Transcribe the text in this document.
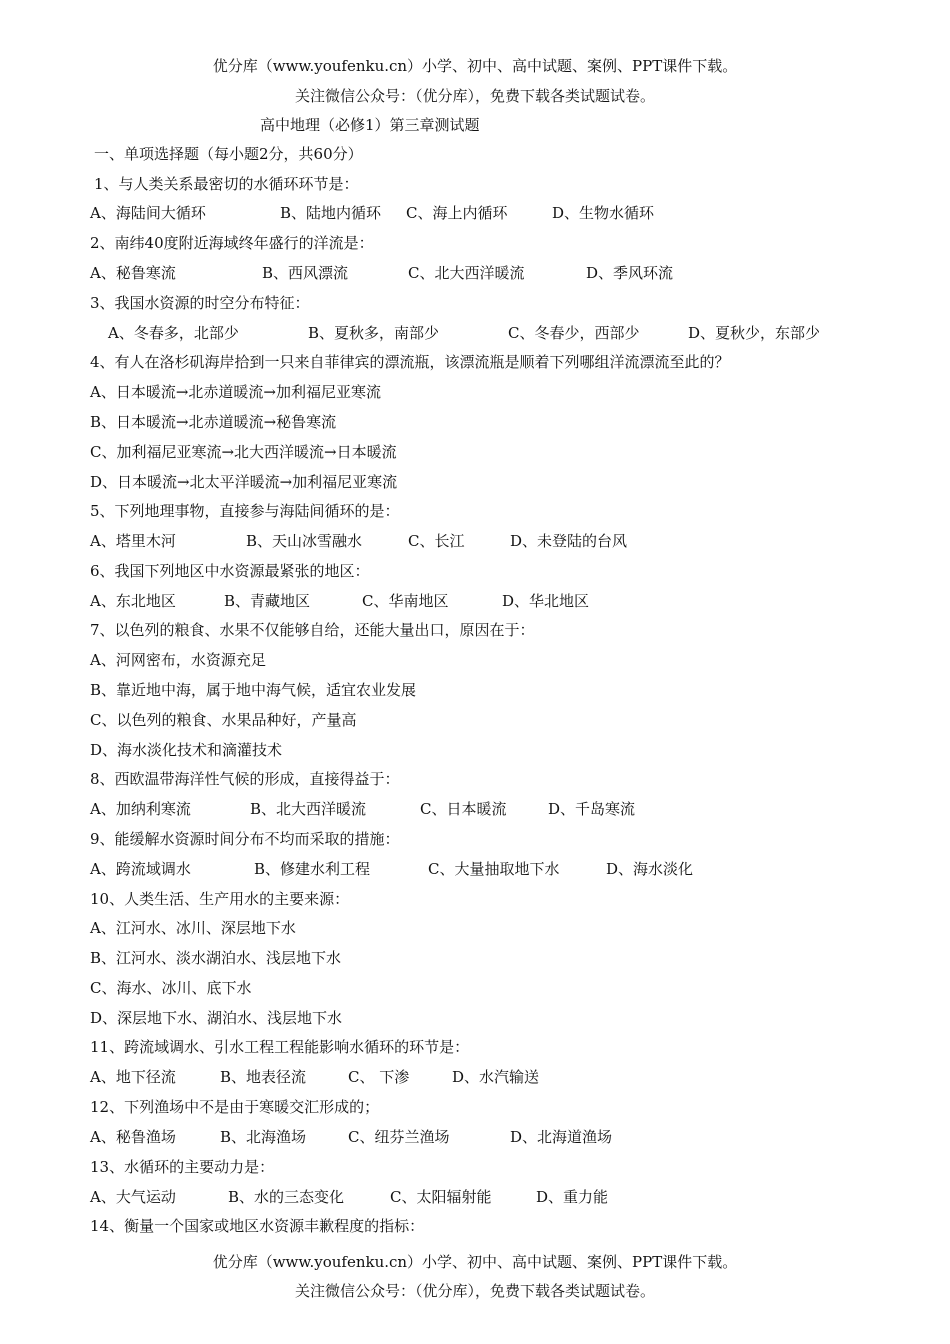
优分库（www.youfenku.cn）小学、初中、高中试题、案例、PPT课件下载。
关注微信公众号：（优分库），免费下载各类试题试卷。
高中地理（必修1）第三章测试题
一、单项选择题（每小题2分，共60分）
1、与人类关系最密切的水循环环节是：
A、海陆间大循环	B、陆地内循环 C、海上内循环	D、生物水循环
2、南纬40度附近海域终年盛行的洋流是：
A、秘鲁寒流	B、西风漂流	C、北大西洋暖流	D、季风环流
3、我国水资源的时空分布特征：
A、冬春多，北部少	B、夏秋多，南部少	C、冬春少，西部少	D、夏秋少，东部少
4、有人在洛杉矶海岸拾到一只来自菲律宾的漂流瓶，该漂流瓶是顺着下列哪组洋流漂流至此的？
A、日本暖流→北赤道暖流→加利福尼亚寒流
B、日本暖流→北赤道暖流→秘鲁寒流
C、加利福尼亚寒流→北大西洋暖流→日本暖流
D、日本暖流→北太平洋暖流→加利福尼亚寒流
5、下列地理事物，直接参与海陆间循环的是：
A、塔里木河	B、天山冰雪融水	C、长江	D、未登陆的台风
6、我国下列地区中水资源最紧张的地区：
A、东北地区	B、青藏地区	C、华南地区	D、华北地区
7、以色列的粮食、水果不仅能够自给，还能大量出口，原因在于：
A、河网密布，水资源充足
B、靠近地中海，属于地中海气候，适宜农业发展
C、以色列的粮食、水果品种好，产量高
D、海水淡化技术和滴灌技术
8、西欧温带海洋性气候的形成，直接得益于：
A、加纳利寒流	B、北大西洋暖流	C、日本暖流	D、千岛寒流
9、能缓解水资源时间分布不均而采取的措施：
A、跨流域调水	B、修建水利工程	C、大量抽取地下水	D、海水淡化
10、人类生活、生产用水的主要来源：
A、江河水、冰川、深层地下水
B、江河水、淡水湖泊水、浅层地下水
C、海水、冰川、底下水
D、深层地下水、湖泊水、浅层地下水
11、跨流域调水、引水工程工程能影响水循环的环节是：
A、地下径流	B、地表径流	C、 下渗	D、水汽输送
12、下列渔场中不是由于寒暖交汇形成的；
A、秘鲁渔场	B、北海渔场	C、纽芬兰渔场	D、北海道渔场
13、水循环的主要动力是：
A、大气运动	B、水的三态变化	C、太阳辐射能	D、重力能
14、衡量一个国家或地区水资源丰歉程度的指标：
优分库（www.youfenku.cn）小学、初中、高中试题、案例、PPT课件下载。
关注微信公众号：（优分库），免费下载各类试题试卷。
